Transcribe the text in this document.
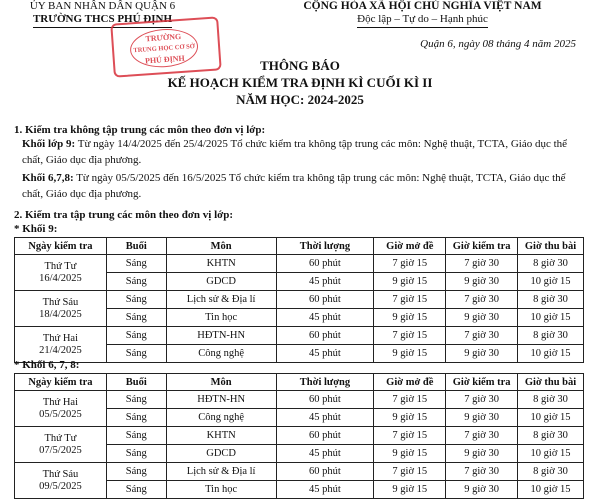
ỦY BAN NHÂN DÂN QUẬN 6
TRƯỜNG THCS PHÚ ĐỊNH
TRƯỜNG
TRUNG HỌC CƠ SỞ
PHÚ ĐỊNH
CỘNG HÒA XÃ HỘI CHỦ NGHĨA VIỆT NAM
Độc lập – Tự do – Hạnh phúc
Quận 6, ngày 08 tháng 4 năm 2025
THÔNG BÁO
KẾ HOẠCH KIỂM TRA ĐỊNH KÌ CUỐI KÌ II
NĂM HỌC: 2024-2025

1. Kiểm tra không tập trung các môn theo đơn vị lớp:

Khối lớp 9: Từ ngày 14/4/2025 đến 25/4/2025 Tổ chức kiểm tra không tập trung các môn: Nghệ thuật, TCTA, Giáo dục thể

chất, Giáo dục địa phương.

Khối 6,7,8: Từ ngày 05/5/2025 đến 16/5/2025 Tổ chức kiểm tra không tập trung các môn: Nghệ thuật, TCTA, Giáo dục thể

chất, Giáo dục địa phương.

2. Kiểm tra tập trung các môn theo đơn vị lớp:

* Khối 9:

Ngày kiểm tra	Buổi	Môn	Thời lượng	Giờ mở đề	Giờ kiểm tra	Giờ thu bài

Thứ Tư
16/4/2025	Sáng	KHTN	60 phút	7 giờ 15	7 giờ 30	8 giờ 30
	Sáng	GDCD	45 phút	9 giờ 15	9 giờ 30	10 giờ 15

Thứ Sáu
18/4/2025	Sáng	Lịch sử & Địa lí	60 phút	7 giờ 15	7 giờ 30	8 giờ 30
	Sáng	Tin học	45 phút	9 giờ 15	9 giờ 30	10 giờ 15

Thứ Hai
21/4/2025	Sáng	HĐTN-HN	60 phút	7 giờ 15	7 giờ 30	8 giờ 30
	Sáng	Công nghệ	45 phút	9 giờ 15	9 giờ 30	10 giờ 15

* Khối 6, 7, 8:

Ngày kiểm tra	Buổi	Môn	Thời lượng	Giờ mở đề	Giờ kiểm tra	Giờ thu bài

Thứ Hai
05/5/2025	Sáng	HĐTN-HN	60 phút	7 giờ 15	7 giờ 30	8 giờ 30
	Sáng	Công nghệ	45 phút	9 giờ 15	9 giờ 30	10 giờ 15

Thứ Tư
07/5/2025	Sáng	KHTN	60 phút	7 giờ 15	7 giờ 30	8 giờ 30
	Sáng	GDCD	45 phút	9 giờ 15	9 giờ 30	10 giờ 15

Thứ Sáu
09/5/2025	Sáng	Lịch sử & Địa lí	60 phút	7 giờ 15	7 giờ 30	8 giờ 30
	Sáng	Tin học	45 phút	9 giờ 15	9 giờ 30	10 giờ 15
